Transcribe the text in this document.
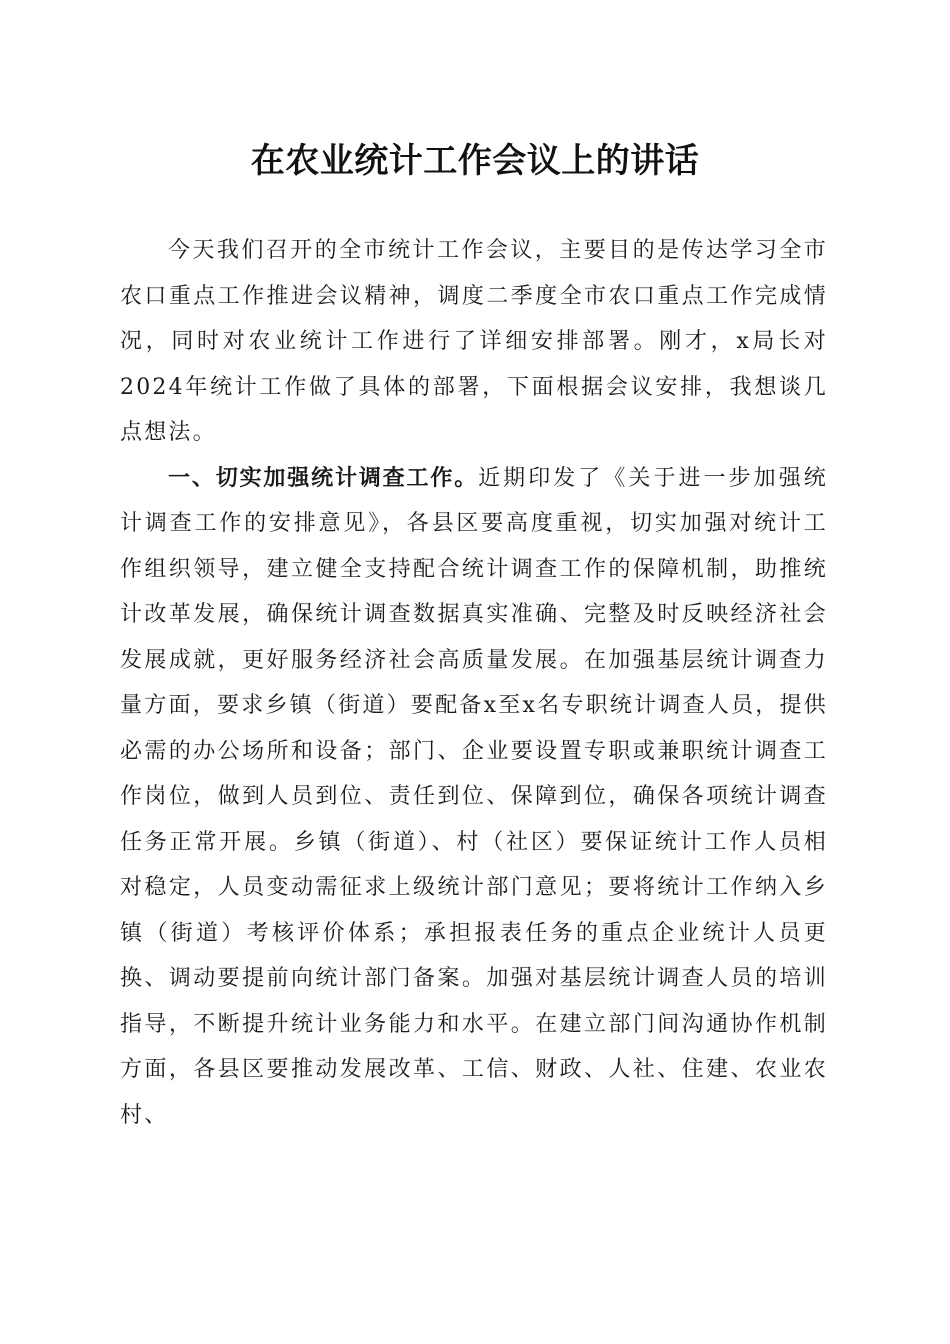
在农业统计工作会议上的讲话

今天我们召开的全市统计工作会议，主要目的是传达学习全市农口重点工作推进会议精神，调度二季度全市农口重点工作完成情况，同时对农业统计工作进行了详细安排部署。刚才，x局长对2024年统计工作做了具体的部署，下面根据会议安排，我想谈几点想法。

一、切实加强统计调查工作。近期印发了《关于进一步加强统计调查工作的安排意见》，各县区要高度重视，切实加强对统计工作组织领导，建立健全支持配合统计调查工作的保障机制，助推统计改革发展，确保统计调查数据真实准确、完整及时反映经济社会发展成就，更好服务经济社会高质量发展。在加强基层统计调查力量方面，要求乡镇（街道）要配备x至x名专职统计调查人员，提供必需的办公场所和设备；部门、企业要设置专职或兼职统计调查工作岗位，做到人员到位、责任到位、保障到位，确保各项统计调查任务正常开展。乡镇（街道）、村（社区）要保证统计工作人员相对稳定，人员变动需征求上级统计部门意见；要将统计工作纳入乡镇（街道）考核评价体系；承担报表任务的重点企业统计人员更换、调动要提前向统计部门备案。加强对基层统计调查人员的培训指导，不断提升统计业务能力和水平。在建立部门间沟通协作机制方面，各县区要推动发展改革、工信、财政、人社、住建、农业农村、
